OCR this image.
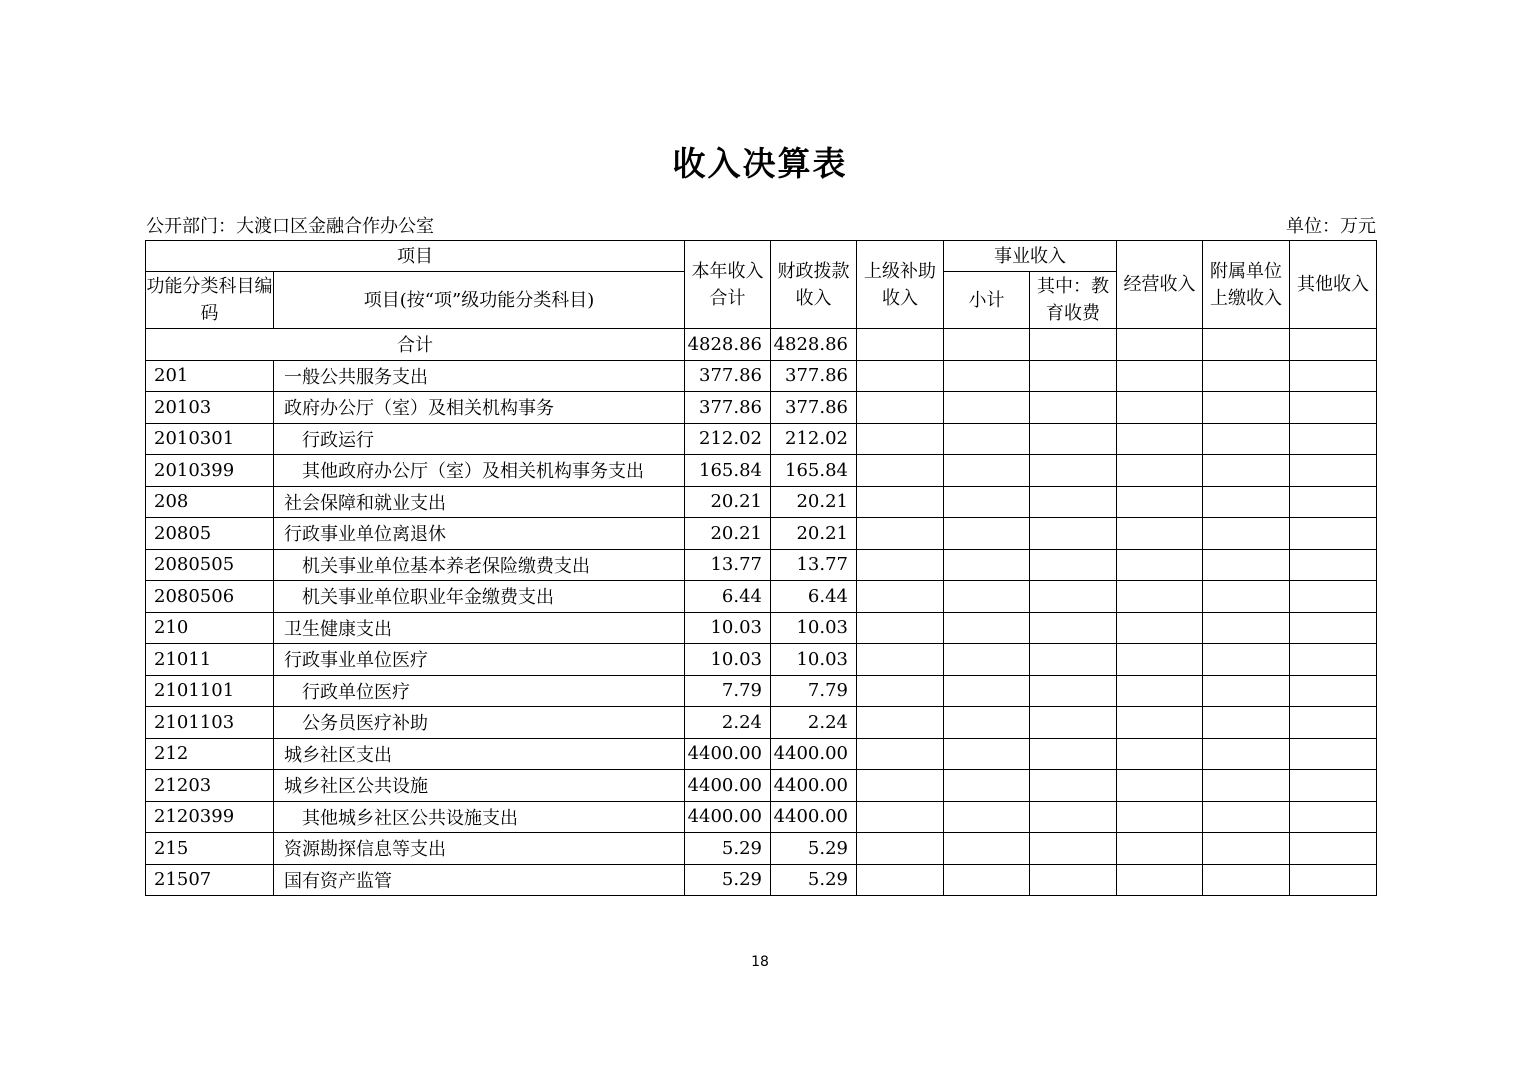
收入决算表
公开部门：大渡口区金融合作办公室	单位：万元
项目		本年收入合计	财政拨款收入	上级补助收入	事业收入		经营收入	附属单位上缴收入	其他收入
功能分类科目编码	项目(按“项”级功能分类科目)				小计	其中：教育收费			
合计		4828.86	4828.86						
201	一般公共服务支出	377.86	377.86						
20103	政府办公厅（室）及相关机构事务	377.86	377.86						
2010301	行政运行	212.02	212.02						
2010399	其他政府办公厅（室）及相关机构事务支出	165.84	165.84						
208	社会保障和就业支出	20.21	20.21						
20805	行政事业单位离退休	20.21	20.21						
2080505	机关事业单位基本养老保险缴费支出	13.77	13.77						
2080506	机关事业单位职业年金缴费支出	6.44	6.44						
210	卫生健康支出	10.03	10.03						
21011	行政事业单位医疗	10.03	10.03						
2101101	行政单位医疗	7.79	7.79						
2101103	公务员医疗补助	2.24	2.24						
212	城乡社区支出	4400.00	4400.00						
21203	城乡社区公共设施	4400.00	4400.00						
2120399	其他城乡社区公共设施支出	4400.00	4400.00						
215	资源勘探信息等支出	5.29	5.29						
21507	国有资产监管	5.29	5.29						
18
